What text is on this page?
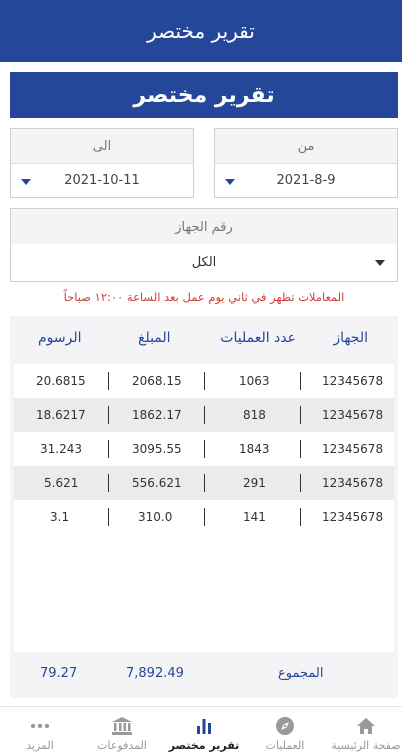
تقرير مختصر
تقرير مختصر
من
2021-8-9
الى
2021-10-11
رقم الجهاز
الكل
المعاملات تظهر في ثاني يوم عمل بعد الساعة ١٢:٠٠ صباحاً
الجهاز
عدد العمليات
المبلغ
الرسوم
12345678
1063
2068.15
20.6815
12345678
818
1862.17
18.6217
12345678
1843
3095.55
31.243
12345678
291
556.621
5.621
12345678
141
310.0
3.1
المجموع
7,892.49
79.27
صفحة الرئيسية
العمليات
تقرير مختصر
المدفوعات
المزيد
